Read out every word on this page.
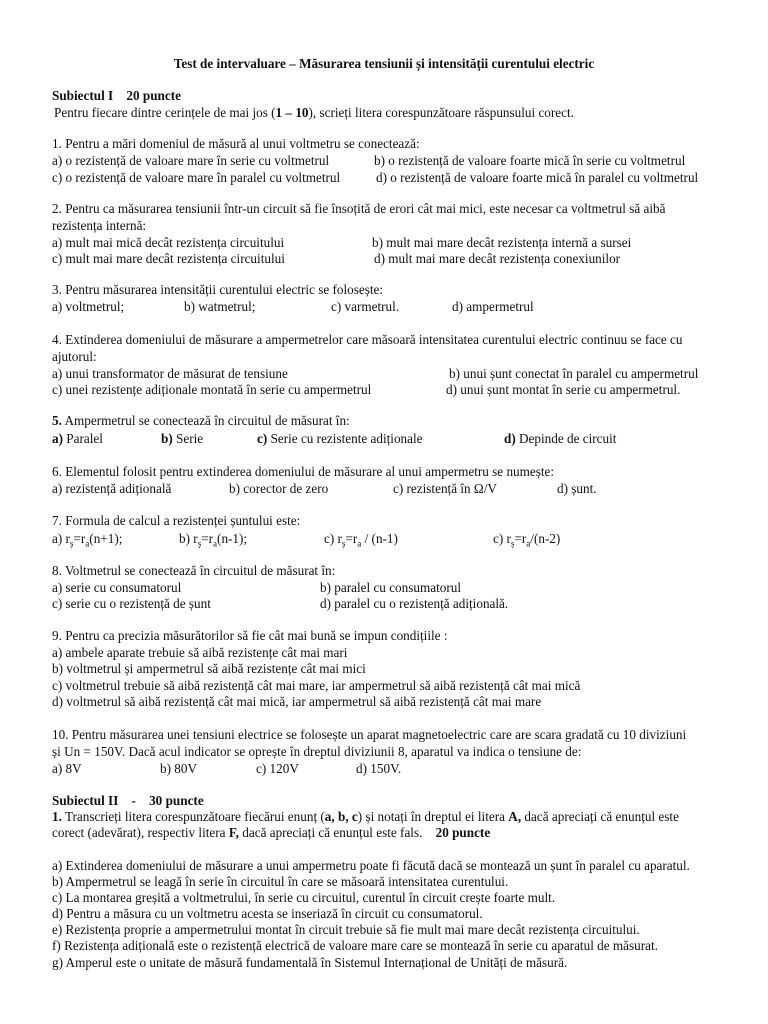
Test de intervaluare – Măsurarea tensiunii și intensității curentului electric
Subiectul I 20 puncte
Pentru fiecare dintre cerințele de mai jos (1 – 10), scrieți litera corespunzătoare răspunsului corect.
1. Pentru a mări domeniul de măsură al unui voltmetru se conectează:
a) o rezistență de valoare mare în serie cu voltmetrul	b) o rezistență de valoare foarte mică în serie cu voltmetrul
c) o rezistență de valoare mare în paralel cu voltmetrul	d) o rezistență de valoare foarte mică în paralel cu voltmetrul
2. Pentru ca măsurarea tensiunii într-un circuit să fie însoțită de erori cât mai mici, este necesar ca voltmetrul să aibă
rezistența internă:
a) mult mai mică decât rezistența circuitului	b) mult mai mare decât rezistența internă a sursei
c) mult mai mare decât rezistența circuitului	d) mult mai mare decât rezistența conexiunilor
3. Pentru măsurarea intensității curentului electric se folosește:
a) voltmetrul;	b) watmetrul;	c) varmetrul.	d) ampermetrul
4. Extinderea domeniului de măsurare a ampermetrelor care măsoară intensitatea curentului electric continuu se face cu
ajutorul:
a) unui transformator de măsurat de tensiune	b) unui șunt conectat în paralel cu ampermetrul
c) unei rezistențe adiționale montată în serie cu ampermetrul	d) unui șunt montat în serie cu ampermetrul.
5. Ampermetrul se conectează în circuitul de măsurat în:
a) Paralel	b) Serie	c) Serie cu rezistente adiționale	d) Depinde de circuit
6. Elementul folosit pentru extinderea domeniului de măsurare al unui ampermetru se numește:
a) rezistență adițională	b) corector de zero	c) rezistență în Ω/V	d) șunt.
7. Formula de calcul a rezistenței șuntului este:
a) $r_ș=r_a(n+1)$;	b) $r_ș=r_a(n-1)$;	c) $r_ș=r_a / (n-1)$	c) $r_ș=r_a/(n-2)$
8. Voltmetrul se conectează în circuitul de măsurat în:
a) serie cu consumatorul	b) paralel cu consumatorul
c) serie cu o rezistență de șunt	d) paralel cu o rezistență adițională.
9. Pentru ca precizia măsurătorilor să fie cât mai bună se impun condițiile :
a) ambele aparate trebuie să aibă rezistențe cât mai mari
b) voltmetrul și ampermetrul să aibă rezistențe cât mai mici
c) voltmetrul trebuie să aibă rezistență cât mai mare, iar ampermetrul să aibă rezistență cât mai mică
d) voltmetrul să aibă rezistență cât mai mică, iar ampermetrul să aibă rezistență cât mai mare
10. Pentru măsurarea unei tensiuni electrice se folosește un aparat magnetoelectric care are scara gradată cu 10 diviziuni
și Un = 150V. Dacă acul indicator se oprește în dreptul diviziunii 8, aparatul va indica o tensiune de:
a) 8V	b) 80V	c) 120V	d) 150V.
Subiectul II    -    30 puncte
1. Transcrieți litera corespunzătoare fiecărui enunț (a, b, c) și notați în dreptul ei litera A, dacă apreciați că enunțul este
corect (adevărat), respectiv litera F, dacă apreciați că enunțul este fals. 20 puncte
a) Extinderea domeniului de măsurare a unui ampermetru poate fi făcută dacă se montează un șunt în paralel cu aparatul.
b) Ampermetrul se leagă în serie în circuitul în care se măsoară intensitatea curentului.
c) La montarea greșită a voltmetrului, în serie cu circuitul, curentul în circuit crește foarte mult.
d) Pentru a măsura cu un voltmetru acesta se inseriază în circuit cu consumatorul.
e) Rezistența proprie a ampermetrului montat în circuit trebuie să fie mult mai mare decât rezistența circuitului.
f) Rezistența adițională este o rezistență electrică de valoare mare care se montează în serie cu aparatul de măsurat.
g) Amperul este o unitate de măsură fundamentală în Sistemul Internațional de Unități de măsură.
